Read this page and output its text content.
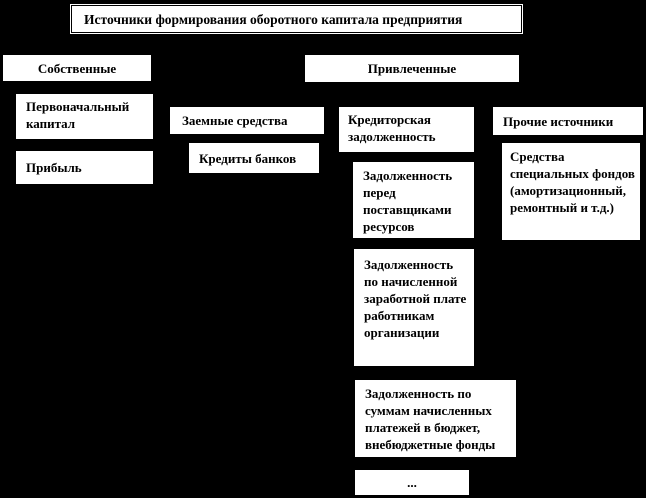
Источники формирования оборотного капитала предприятия
Собственные	Привлеченные
Первоначальный капитал
Прибыль
Заемные средства
Кредиты банков
Кредиторская задолженность
Прочие источники
Задолженность перед поставщиками ресурсов
Средства специальных фондов (амортизационный, ремонтный и т.д.)
Задолженность по начисленной заработной плате работникам организации
Задолженность по суммам начисленных платежей в бюджет, внебюджетные фонды
...
